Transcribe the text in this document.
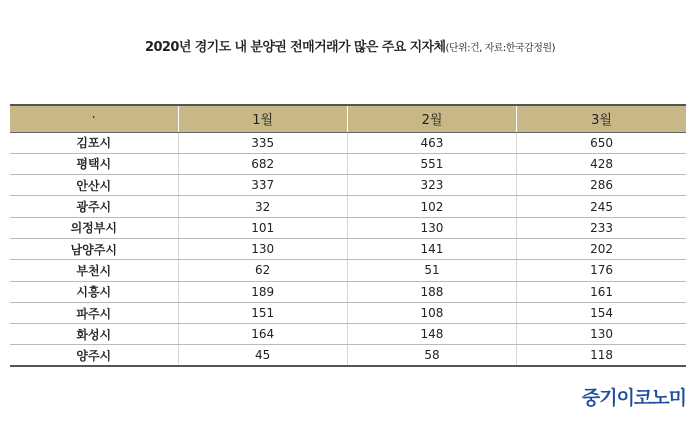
2020년 경기도 내 분양권 전매거래가 많은 주요 지자체(단위:건, 자료:한국감정원)
·	1월	2월	3월
김포시	335	463	650
평택시	682	551	428
안산시	337	323	286
광주시	32	102	245
의정부시	101	130	233
남양주시	130	141	202
부천시	62	51	176
시흥시	189	188	161
파주시	151	108	154
화성시	164	148	130
양주시	45	58	118
중기이코노미
